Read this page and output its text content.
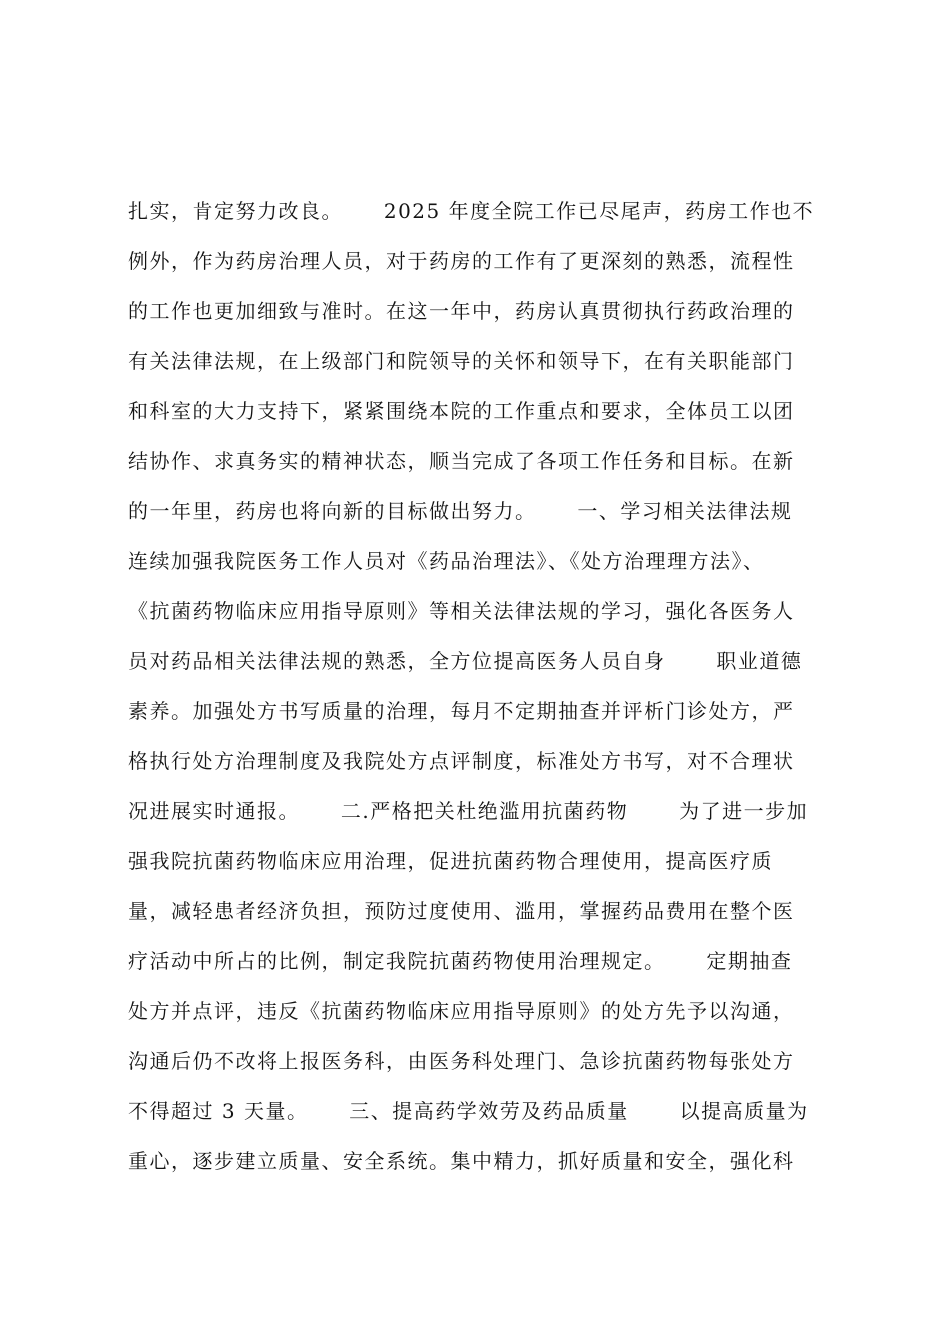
扎实，肯定努力改良。　　 2025 年度全院工作已尽尾声，药房工作也不
例外，作为药房治理人员，对于药房的工作有了更深刻的熟悉，流程性
的工作也更加细致与准时。在这一年中，药房认真贯彻执行药政治理的
有关法律法规，在上级部门和院领导的关怀和领导下，在有关职能部门
和科室的大力支持下，紧紧围绕本院的工作重点和要求，全体员工以团
结协作、求真务实的精神状态，顺当完成了各项工作任务和目标。在新
的一年里，药房也将向新的目标做出努力。　　 一、学习相关法律法规
连续加强我院医务工作人员对《药品治理法》、《处方治理理方法》、
《抗菌药物临床应用指导原则》等相关法律法规的学习，强化各医务人
员对药品相关法律法规的熟悉，全方位提高医务人员自身　　 职业道德
素养。加强处方书写质量的治理，每月不定期抽查并评析门诊处方，严
格执行处方治理制度及我院处方点评制度，标准处方书写，对不合理状
况进展实时通报。　　 二.严格把关杜绝滥用抗菌药物　　 为了进一步加
强我院抗菌药物临床应用治理，促进抗菌药物合理使用，提高医疗质
量，减轻患者经济负担，预防过度使用、滥用，掌握药品费用在整个医
疗活动中所占的比例，制定我院抗菌药物使用治理规定。　　 定期抽查
处方并点评，违反《抗菌药物临床应用指导原则》的处方先予以沟通，
沟通后仍不改将上报医务科，由医务科处理门、急诊抗菌药物每张处方
不得超过 3 天量。　　 三、提高药学效劳及药品质量　　 以提高质量为
重心，逐步建立质量、安全系统。集中精力，抓好质量和安全，强化科
